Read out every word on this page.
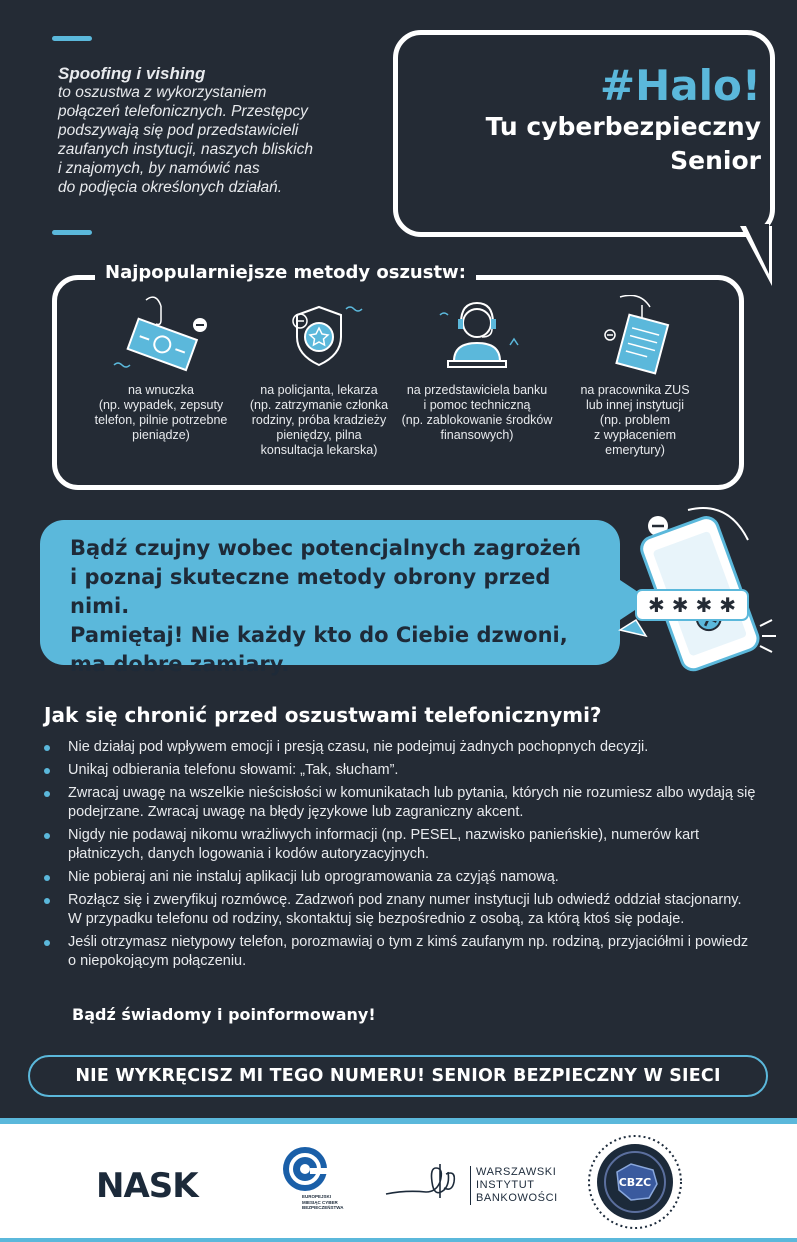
Spoofing i vishing
to oszustwa z wykorzystaniem
połączeń telefonicznych. Przestępcy
podszywają się pod przedstawicieli
zaufanych instytucji, naszych bliskich
i znajomych, by namówić nas
do podjęcia określonych działań.
#Halo!
Tu cyberbezpieczny
Senior
Najpopularniejsze metody oszustw:
na wnuczka
(np. wypadek, zepsuty
telefon, pilnie potrzebne
pieniądze)
na policjanta, lekarza
(np. zatrzymanie członka
rodziny, próba kradzieży
pieniędzy, pilna
konsultacja lekarska)
na przedstawiciela banku
i pomoc techniczną
(np. zablokowanie środków
finansowych)
na pracownika ZUS
lub innej instytucji
(np. problem
z wypłaceniem
emerytury)

Bądź czujny wobec potencjalnych zagrożeń

i poznaj skuteczne metody obrony przed nimi.

Pamiętaj! Nie każdy kto do Ciebie dzwoni,

ma dobre zamiary.

✱ ✱ ✱ ✱
Jak się chronić przed oszustwami telefonicznymi?
Nie działaj pod wpływem emocji i presją czasu, nie podejmuj żadnych pochopnych decyzji.
Unikaj odbierania telefonu słowami: „Tak, słucham”.
Zwracaj uwagę na wszelkie nieścisłości w komunikatach lub pytania, których nie rozumiesz albo wydają się podejrzane. Zwracaj uwagę na błędy językowe lub zagraniczny akcent.
Nigdy nie podawaj nikomu wrażliwych informacji (np. PESEL, nazwisko panieńskie), numerów kart płatniczych, danych logowania i kodów autoryzacyjnych.
Nie pobieraj ani nie instaluj aplikacji lub oprogramowania za czyjąś namową.
Rozłącz się i zweryfikuj rozmówcę. Zadzwoń pod znany numer instytucji lub odwiedź oddział stacjonarny. W przypadku telefonu od rodziny, skontaktuj się bezpośrednio z osobą, za którą ktoś się podaje.
Jeśli otrzymasz nietypowy telefon, porozmawiaj o tym z kimś zaufanym np. rodziną, przyjaciółmi i powiedz o niepokojącym połączeniu.
Bądź świadomy i poinformowany!
NIE WYKRĘCISZ MI TEGO NUMERU! SENIOR BEZPIECZNY W SIECI
NASK	EUROPEJSKI MIESIĄC CYBER BEZPIECZEŃSTWA
WARSZAWSKI
INSTYTUT
BANKOWOŚCI
CBZC
